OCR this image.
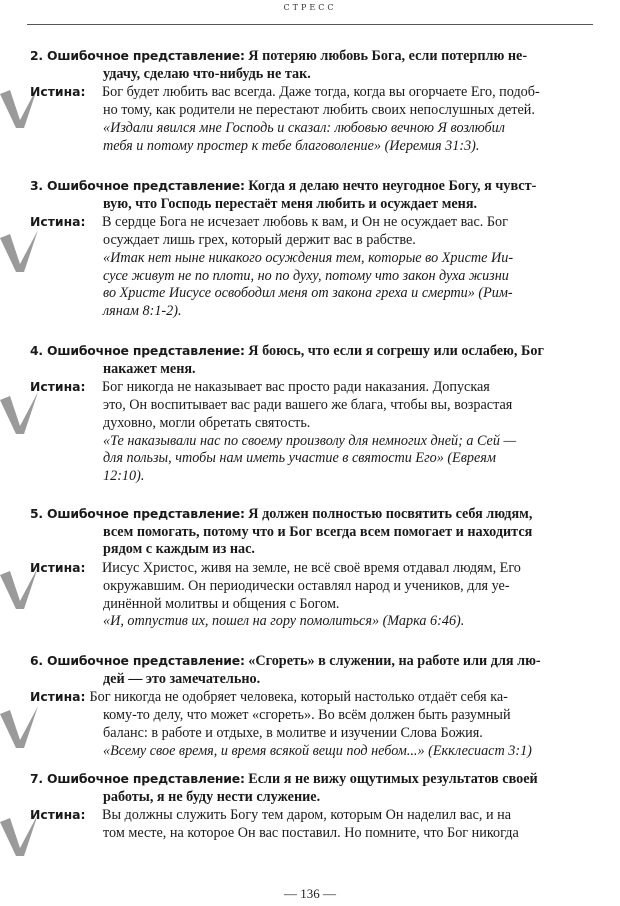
СТРЕСС
2. Ошибочное представление: Я потеряю любовь Бога, если потерплю не-
удачу, сделаю что-нибудь не так.
Истина: Бог будет любить вас всегда. Даже тогда, когда вы огорчаете Его, подоб-
но тому, как родители не перестают любить своих непослушных детей.
«Издали явился мне Господь и сказал: любовью вечною Я возлюбил
тебя и потому простер к тебе благоволение» (Иеремия 31:3).
3. Ошибочное представление: Когда я делаю нечто неугодное Богу, я чувст-
вую, что Господь перестаёт меня любить и осуждает меня.
Истина: В сердце Бога не исчезает любовь к вам, и Он не осуждает вас. Бог
осуждает лишь грех, который держит вас в рабстве.
«Итак нет ныне никакого осуждения тем, которые во Христе Ии-
сусе живут не по плоти, но по духу, потому что закон духа жизни
во Христе Иисусе освободил меня от закона греха и смерти» (Рим-
лянам 8:1-2).
4. Ошибочное представление: Я боюсь, что если я согрешу или ослабею, Бог
накажет меня.
Истина: Бог никогда не наказывает вас просто ради наказания. Допуская
это, Он воспитывает вас ради вашего же блага, чтобы вы, возрастая
духовно, могли обретать святость.
«Те наказывали нас по своему произволу для немногих дней; а Сей —
для пользы, чтобы нам иметь участие в святости Его» (Евреям
12:10).
5. Ошибочное представление: Я должен полностью посвятить себя людям,
всем помогать, потому что и Бог всегда всем помогает и находится
рядом с каждым из нас.
Истина: Иисус Христос, живя на земле, не всё своё время отдавал людям, Его
окружавшим. Он периодически оставлял народ и учеников, для уе-
динённой молитвы и общения с Богом.
«И, отпустив их, пошел на гору помолиться» (Марка 6:46).
6. Ошибочное представление: «Сгореть» в служении, на работе или для лю-
дей — это замечательно.
Истина: Бог никогда не одобряет человека, который настолько отдаёт себя ка-
кому-то делу, что может «сгореть». Во всём должен быть разумный
баланс: в работе и отдыхе, в молитве и изучении Слова Божия.
«Всему свое время, и время всякой вещи под небом...» (Екклесиаст 3:1)
7. Ошибочное представление: Если я не вижу ощутимых результатов своей
работы, я не буду нести служение.
Истина: Вы должны служить Богу тем даром, которым Он наделил вас, и на
том месте, на которое Он вас поставил. Но помните, что Бог никогда
— 136 —
